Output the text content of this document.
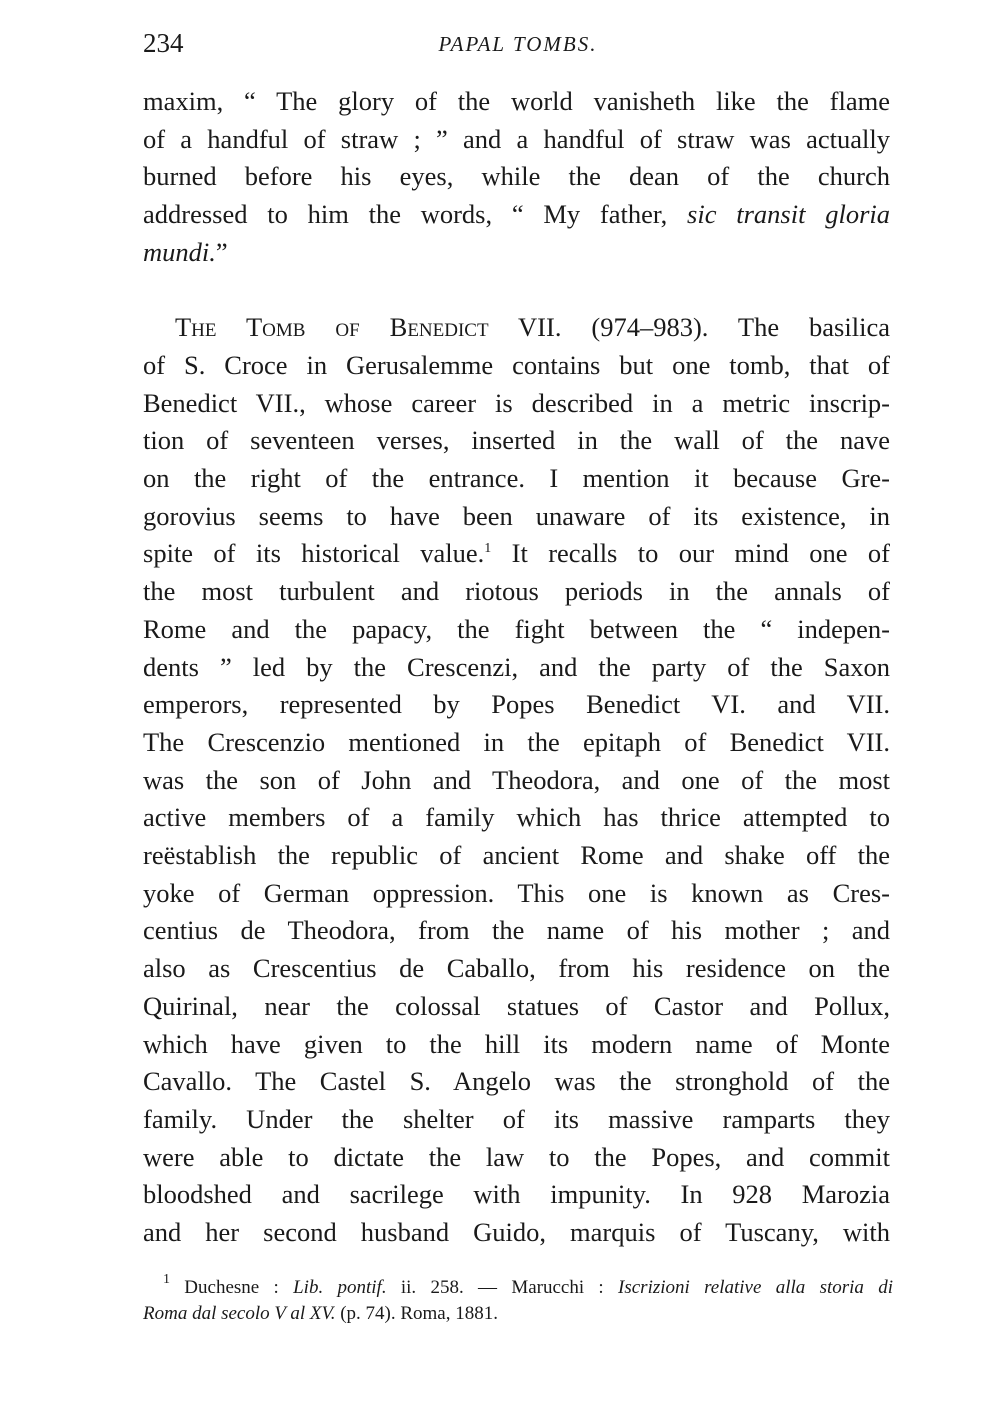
234	PAPAL TOMBS.
maxim, “ The glory of the world vanisheth like the flame
of a handful of straw ; ” and a handful of straw was actually
burned before his eyes, while the dean of the church
addressed to him the words, “ My father, sic transit gloria
mundi.”
The Tomb of Benedict VII. (974–983). The basilica
of S. Croce in Gerusalemme contains but one tomb, that of
Benedict VII., whose career is described in a metric inscrip-
tion of seventeen verses, inserted in the wall of the nave
on the right of the entrance. I mention it because Gre-
gorovius seems to have been unaware of its existence, in
spite of its historical value.$^1$ It recalls to our mind one of
the most turbulent and riotous periods in the annals of
Rome and the papacy, the fight between the “ indepen-
dents ” led by the Crescenzi, and the party of the Saxon
emperors, represented by Popes Benedict VI. and VII.
The Crescenzio mentioned in the epitaph of Benedict VII.
was the son of John and Theodora, and one of the most
active members of a family which has thrice attempted to
reëstablish the republic of ancient Rome and shake off the
yoke of German oppression. This one is known as Cres-
centius de Theodora, from the name of his mother ; and
also as Crescentius de Caballo, from his residence on the
Quirinal, near the colossal statues of Castor and Pollux,
which have given to the hill its modern name of Monte
Cavallo. The Castel S. Angelo was the stronghold of the
family. Under the shelter of its massive ramparts they
were able to dictate the law to the Popes, and commit
bloodshed and sacrilege with impunity. In 928 Marozia
and her second husband Guido, marquis of Tuscany, with
$^1$ Duchesne : Lib. pontif. ii. 258. — Marucchi : Iscrizioni relative alla storia di
Roma dal secolo V al XV. (p. 74). Roma, 1881.
